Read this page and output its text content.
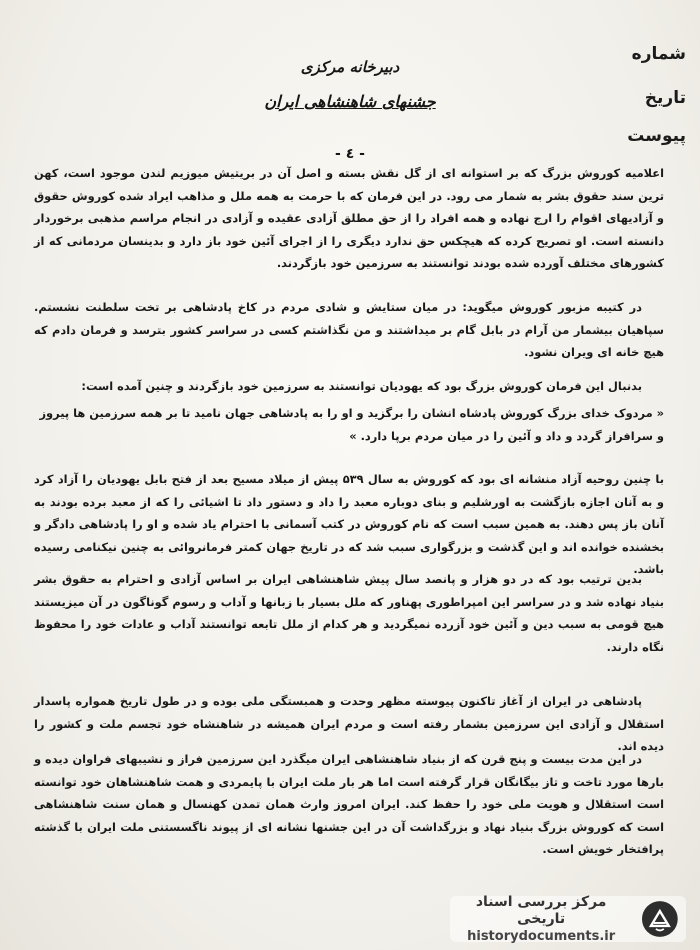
شماره
تاریخ
پیوست
دبیرخانه مرکزی
جشنهای شاهنشاهی ایران
- ٤ -
اعلامیه کوروش بزرگ که بر استوانه ای از گل نقش بسته و اصل آن در بریتیش میوزیم لندن موجود است، کهن ترین سند حقوق بشر به شمار می رود. در این فرمان که با حرمت به همه ملل و مذاهب ایراد شده کوروش حقوق و آزادیهای اقوام را ارج نهاده و همه افراد را از حق مطلق آزادی عقیده و آزادی در انجام مراسم مذهبی برخوردار دانسته است. او تصریح کرده که هیچکس حق ندارد دیگری را از اجرای آئین خود باز دارد و بدینسان مردمانی که از کشورهای مختلف آورده شده بودند توانستند به سرزمین خود بازگردند.
در کتیبه مزبور کوروش میگوید: در میان ستایش و شادی مردم در کاخ پادشاهی بر تخت سلطنت نشستم. سپاهیان بیشمار من آرام در بابل گام بر میداشتند و من نگذاشتم کسی در سراسر کشور بترسد و فرمان دادم که هیچ خانه ای ویران نشود.
بدنبال این فرمان کوروش بزرگ بود که یهودیان توانستند به سرزمین خود بازگردند و چنین آمده است:
« مردوک خدای بزرگ کوروش پادشاه انشان را برگزید و او را به پادشاهی جهان نامید تا بر همه سرزمین ها پیروز و سرافراز گردد و داد و آئین را در میان مردم برپا دارد. »
با چنین روحیه آزاد منشانه ای بود که کوروش به سال ۵۳۹ پیش از میلاد مسیح بعد از فتح بابل یهودیان را آزاد کرد و به آنان اجازه بازگشت به اورشلیم و بنای دوباره معبد را داد و دستور داد تا اشیائی را که از معبد برده بودند به آنان باز پس دهند. به همین سبب است که نام کوروش در کتب آسمانی با احترام یاد شده و او را پادشاهی دادگر و بخشنده خوانده اند و این گذشت و بزرگواری سبب شد که در تاریخ جهان کمتر فرمانروائی به چنین نیکنامی رسیده باشد.
بدین ترتیب بود که در دو هزار و پانصد سال پیش شاهنشاهی ایران بر اساس آزادی و احترام به حقوق بشر بنیاد نهاده شد و در سراسر این امپراطوری پهناور که ملل بسیار با زبانها و آداب و رسوم گوناگون در آن میزیستند هیچ قومی به سبب دین و آئین خود آزرده نمیگردید و هر کدام از ملل تابعه توانستند آداب و عادات خود را محفوظ نگاه دارند.
پادشاهی در ایران از آغاز تاکنون پیوسته مظهر وحدت و همبستگی ملی بوده و در طول تاریخ همواره پاسدار استقلال و آزادی این سرزمین بشمار رفته است و مردم ایران همیشه در شاهنشاه خود تجسم ملت و کشور را دیده اند.
در این مدت بیست و پنج قرن که از بنیاد شاهنشاهی ایران میگذرد این سرزمین فراز و نشیبهای فراوان دیده و بارها مورد تاخت و تاز بیگانگان قرار گرفته است اما هر بار ملت ایران با پایمردی و همت شاهنشاهان خود توانسته است استقلال و هویت ملی خود را حفظ کند. ایران امروز وارث همان تمدن کهنسال و همان سنت شاهنشاهی است که کوروش بزرگ بنیاد نهاد و بزرگداشت آن در این جشنها نشانه ای از پیوند ناگسستنی ملت ایران با گذشته پرافتخار خویش است.
مرکز بررسی اسناد تاریخی
historydocuments.ir
